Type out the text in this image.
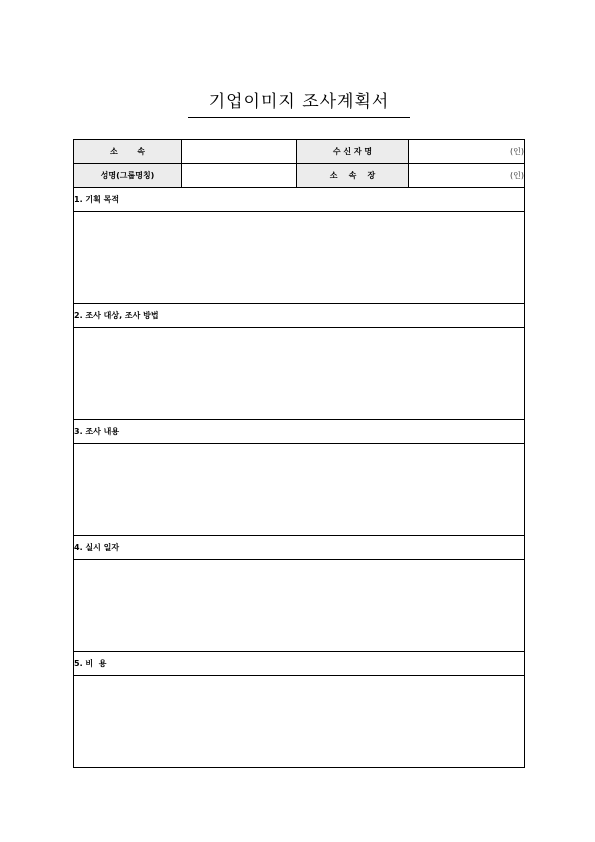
기업이미지 조사계획서
소       속		수 신 자 명	(인)
성명(그룹명칭)		소    속    장	(인)
1. 기획 목적			

2. 조사 대상, 조사 방법			

3. 조사 내용			

4. 실시 일자			

5. 비  용			
